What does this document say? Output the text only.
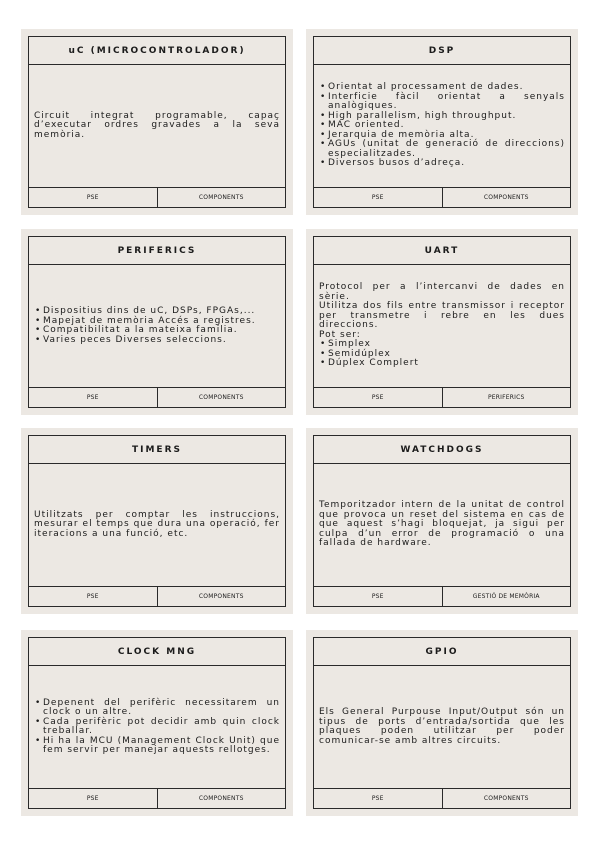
uC (MICROCONTROLADOR)

Circuit integrat programable, capaç d’executar ordres gravades a la seva memòria.

PSE	COMPONENTS
DSP
• Orientat al processament de dades.
• Interficie fàcil orientat a senyals analògiques.
• High parallelism, high throughput.
• MAC oriented.
• Jerarquia de memòria alta.
• AGUs (unitat de generació de direccions) especialitzades.
• Diversos busos d’adreça.
PSE	COMPONENTS
PERIFERICS
• Dispositius dins de uC, DSPs, FPGAs,...
• Mapejat de memòria Accés a registres.
• Compatibilitat a la mateixa familia.
• Varies peces Diverses seleccions.
PSE	COMPONENTS
UART

Protocol per a l’intercanvi de dades en sèrie.

Utilitza dos fils entre transmissor i receptor per transmetre i rebre en les dues direccions.

Pot ser:

• Simplex
• Semidúplex
• Dúplex Complert
PSE	PERIFERICS
TIMERS

Utilitzats per comptar les instruccions, mesurar el temps que dura una operació, fer iteracions a una funció, etc.

PSE	COMPONENTS
WATCHDOGS

Temporitzador intern de la unitat de control que provoca un reset del sistema en cas de que aquest s’hagi bloquejat, ja sigui per culpa d’un error de programació o una fallada de hardware.

PSE	GESTIÓ DE MEMÒRIA
CLOCK MNG
• Depenent del perifèric necessitarem un clock o un altre.
• Cada perifèric pot decidir amb quin clock treballar.
• Hi ha la MCU (Management Clock Unit) que fem servir per manejar aquests rellotges.
PSE	COMPONENTS
GPIO

Els General Purpouse Input/Output són un tipus de ports d’entrada/sortida que les plaques poden utilitzar per poder comunicar-se amb altres circuits.

PSE	COMPONENTS
